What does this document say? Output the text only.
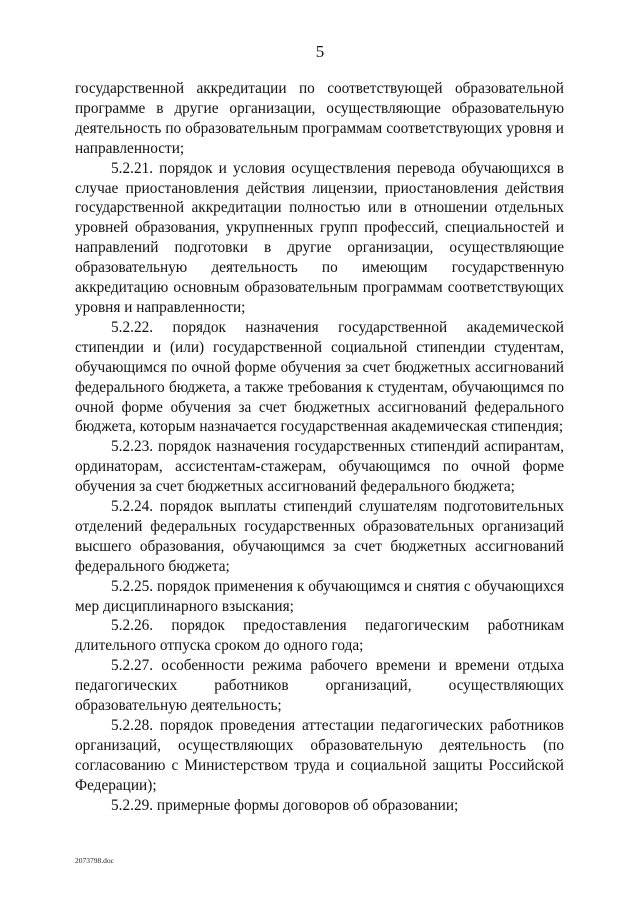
5

государственной аккредитации по соответствующей образовательной программе в другие организации, осуществляющие образовательную деятельность по образовательным программам соответствующих уровня и направленности;

5.2.21. порядок и условия осуществления перевода обучающихся в случае приостановления действия лицензии, приостановления действия государственной аккредитации полностью или в отношении отдельных уровней образования, укрупненных групп профессий, специальностей и направлений подготовки в другие организации, осуществляющие образовательную деятельность по имеющим государственную аккредитацию основным образовательным программам соответствующих уровня и направленности;

5.2.22. порядок назначения государственной академической стипендии и (или) государственной социальной стипендии студентам, обучающимся по очной форме обучения за счет бюджетных ассигнований федерального бюджета, а также требования к студентам, обучающимся по очной форме обучения за счет бюджетных ассигнований федерального бюджета, которым назначается государственная академическая стипендия;

5.2.23. порядок назначения государственных стипендий аспирантам, ординаторам, ассистентам-стажерам, обучающимся по очной форме обучения за счет бюджетных ассигнований федерального бюджета;

5.2.24. порядок выплаты стипендий слушателям подготовительных отделений федеральных государственных образовательных организаций высшего образования, обучающимся за счет бюджетных ассигнований федерального бюджета;

5.2.25. порядок применения к обучающимся и снятия с обучающихся мер дисциплинарного взыскания;

5.2.26. порядок предоставления педагогическим работникам длительного отпуска сроком до одного года;

5.2.27. особенности режима рабочего времени и времени отдыха педагогических работников организаций, осуществляющих образовательную деятельность;

5.2.28. порядок проведения аттестации педагогических работников организаций, осуществляющих образовательную деятельность (по согласованию с Министерством труда и социальной защиты Российской Федерации);

5.2.29. примерные формы договоров об образовании;

2073798.doc
